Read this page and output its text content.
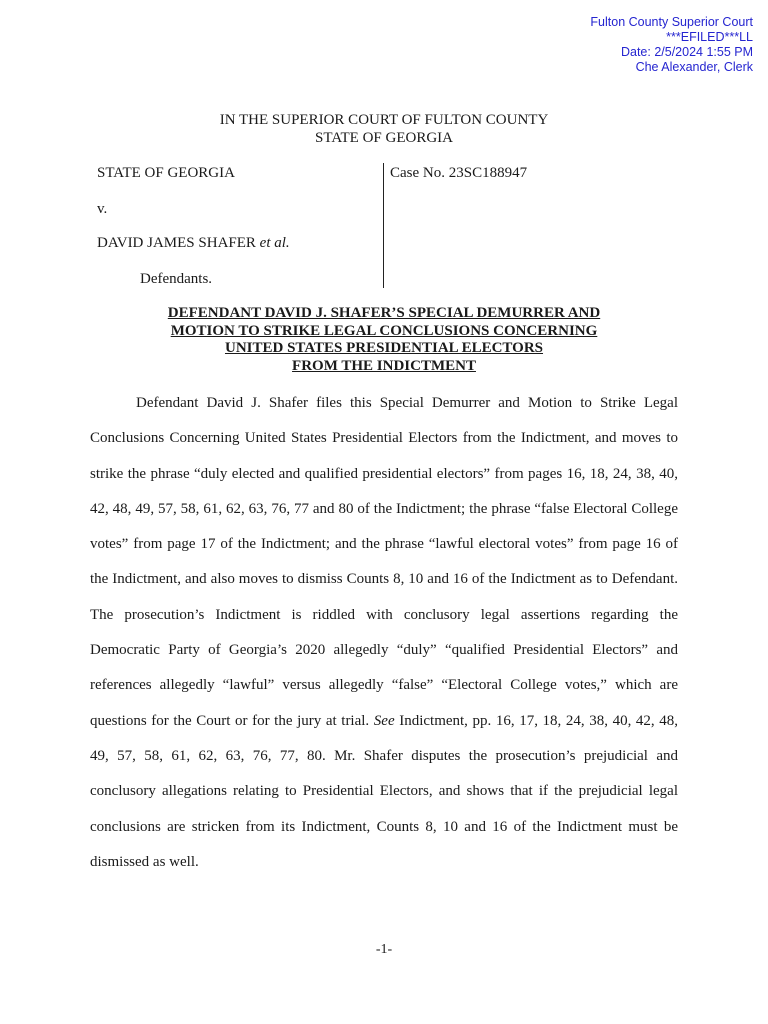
Fulton County Superior Court
***EFILED***LL
Date: 2/5/2024 1:55 PM
Che Alexander, Clerk
IN THE SUPERIOR COURT OF FULTON COUNTY
STATE OF GEORGIA
STATE OF GEORGIA
v.
DAVID JAMES SHAFER et al.
Defendants.
Case No. 23SC188947
DEFENDANT DAVID J. SHAFER’S SPECIAL DEMURRER AND
MOTION TO STRIKE LEGAL CONCLUSIONS CONCERNING
UNITED STATES PRESIDENTIAL ELECTORS
FROM THE INDICTMENT

Defendant David J. Shafer files this Special Demurrer and Motion to Strike Legal Conclusions Concerning United States Presidential Electors from the Indictment, and moves to strike the phrase “duly elected and qualified presidential electors” from pages 16, 18, 24, 38, 40, 42, 48, 49, 57, 58, 61, 62, 63, 76, 77 and 80 of the Indictment; the phrase “false Electoral College votes” from page 17 of the Indictment; and the phrase “lawful electoral votes” from page 16 of the Indictment, and also moves to dismiss Counts 8, 10 and 16 of the Indictment as to Defendant. The prosecution’s Indictment is riddled with conclusory legal assertions regarding the Democratic Party of Georgia’s 2020 allegedly “duly” “qualified Presidential Electors” and references allegedly “lawful” versus allegedly “false” “Electoral College votes,” which are questions for the Court or for the jury at trial. See Indictment, pp. 16, 17, 18, 24, 38, 40, 42, 48, 49, 57, 58, 61, 62, 63, 76, 77, 80. Mr. Shafer disputes the prosecution’s prejudicial and conclusory allegations relating to Presidential Electors, and shows that if the prejudicial legal conclusions are stricken from its Indictment, Counts 8, 10 and 16 of the Indictment must be dismissed as well.

-1-
